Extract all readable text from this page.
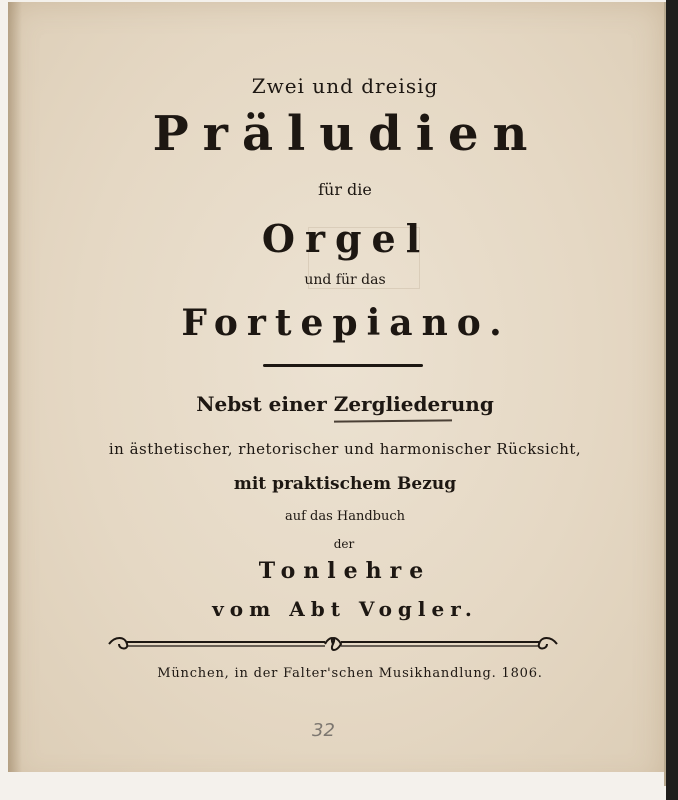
Zwei und dreisig
Präludien
für die
Orgel
und für das
Fortepiano.
Nebst einer Zergliederung
in ästhetischer, rhetorischer und harmonischer Rücksicht,
mit praktischem Bezug
auf das Handbuch
der
Tonlehre
vom Abt Vogler.
München, in der Falter'schen Musikhandlung. 1806.
32
